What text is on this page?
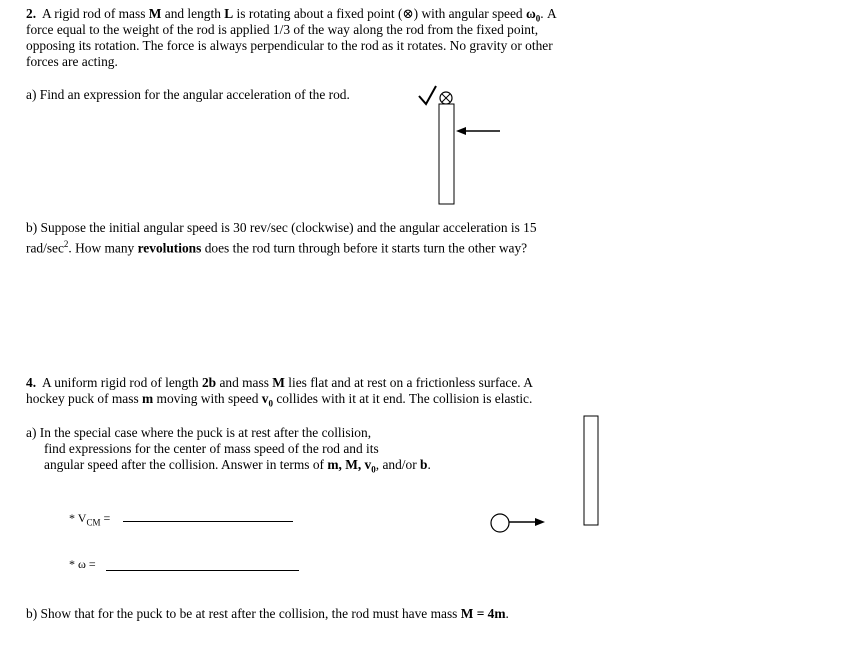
2. A rigid rod of mass M and length L is rotating about a fixed point (⊗) with angular speed $\omega_0$. A
force equal to the weight of the rod is applied 1/3 of the way along the rod from the fixed point,
opposing its rotation. The force is always perpendicular to the rod as it rotates. No gravity or other
forces are acting.
a) Find an expression for the angular acceleration of the rod.
b) Suppose the initial angular speed is 30 rev/sec (clockwise) and the angular acceleration is 15
rad/$\sec^2$. How many revolutions does the rod turn through before it starts turn the other way?
4. A uniform rigid rod of length 2b and mass M lies flat and at rest on a frictionless surface. A
hockey puck of mass m moving with speed $v_0$ collides with it at it end. The collision is elastic.
a) In the special case where the puck is at rest after the collision,
find expressions for the center of mass speed of the rod and its
angular speed after the collision. Answer in terms of m, M, $v_0$, and/or b.
* $V_{CM}$ =
* ω =
b) Show that for the puck to be at rest after the collision, the rod must have mass M = 4m.
